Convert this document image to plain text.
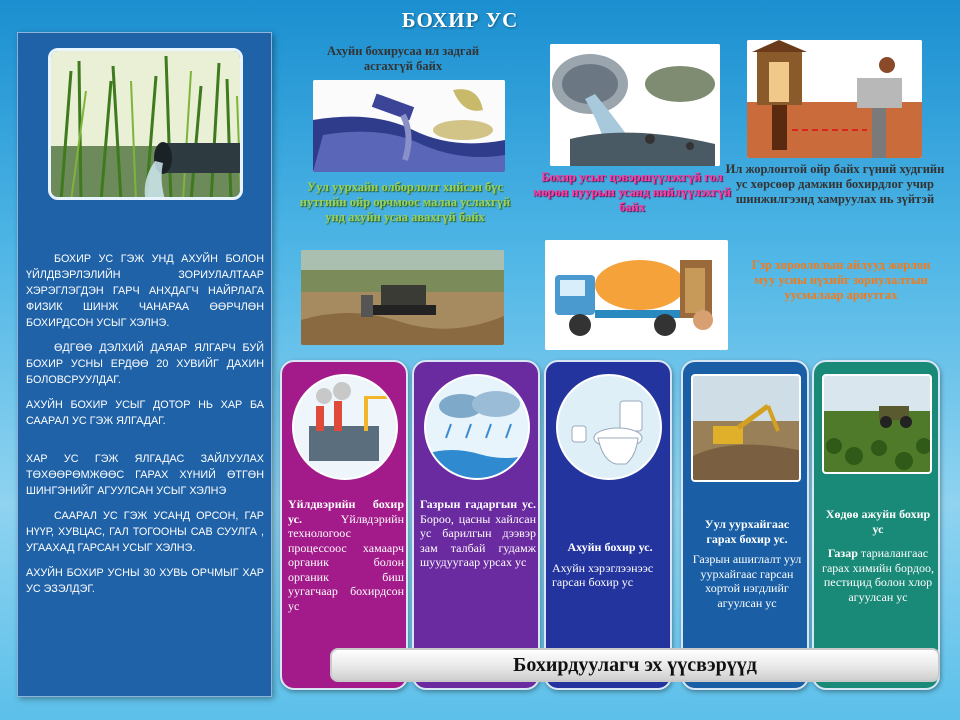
БОХИР УС

БОХИР УС ГЭЖ УНД АХУЙН БОЛОН ҮЙЛДВЭРЛЭЛИЙН ЗОРИУЛАЛТААР ХЭРЭГЛЭГДЭН ГАРЧ АНХДАГЧ НАЙРЛАГА ФИЗИК ШИНЖ ЧАНАРАА ӨӨРЧЛӨН БОХИРДСОН УСЫГ ХЭЛНЭ.

ӨДГӨӨ ДЭЛХИЙ ДАЯАР ЯЛГАРЧ БУЙ БОХИР УСНЫ ЕРДӨӨ 20 ХУВИЙГ ДАХИН БОЛОВСРУУЛДАГ.

АХУЙН БОХИР УСЫГ ДОТОР НЬ ХАР БА СААРАЛ УС ГЭЖ ЯЛГАДАГ.

ХАР УС ГЭЖ ЯЛГАДАС ЗАЙЛУУЛАХ ТӨХӨӨРӨМЖӨӨС ГАРАХ ХҮНИЙ ӨТГӨН ШИНГЭНИЙГ АГУУЛСАН УСЫГ ХЭЛНЭ

СААРАЛ УС ГЭЖ УСАНД ОРСОН, ГАР НҮҮР, ХУВЦАС, ГАЛ ТОГООНЫ САВ СУУЛГА , УГААХАД ГАРСАН УСЫГ ХЭЛНЭ.

АХУЙН БОХИР УСНЫ 30 ХУВЬ ОРЧМЫГ ХАР УС ЭЗЭЛДЭГ.

Ахуйн бохирусаа ил задгай асгахгүй байх
Уул уурхайн олборлолт хийсэн бүс нутгийн ойр орчмоос малаа услахгүй унд ахуйн усаа авахгүй байх
Бохир усыг цэвэршүүлэхгүй гол мөрөн нуурын усанд нийлүүлэхгүй байх
Ил жорлонтой ойр байх гүний худгийн ус хөрсөөр дамжин бохирдлог учир шинжилгээнд хамруулах нь зүйтэй
Гэр хороололын айлууд жорлон муу усны нүхийг зориулалтын уусмалаар ариутгах
Үйлдвэрийн бохир ус.	Үйлвдэрийн технологоос процессоос хамаарч органик болон органик биш уугагчаар бохирдсон ус
Газрын гадаргын ус. Бороо, цасны хайлсан ус барилгын дээвэр зам талбай гудамж шуудуугаар урсах ус
Ахуйн бохир ус.
Ахуйн хэрэглээнээс гарсан бохир ус
Уул уурхайгаас гарах бохир ус.
Газрын ашиглалт уул уурхайгаас гарсан хортой нэгдлийг агуулсан ус
Хөдөө ажуйн бохир ус
Газар тариалангаас гарах химийн бордоо, пестицид болон хлор агуулсан ус
Бохирдуулагч эх үүсвэрүүд
